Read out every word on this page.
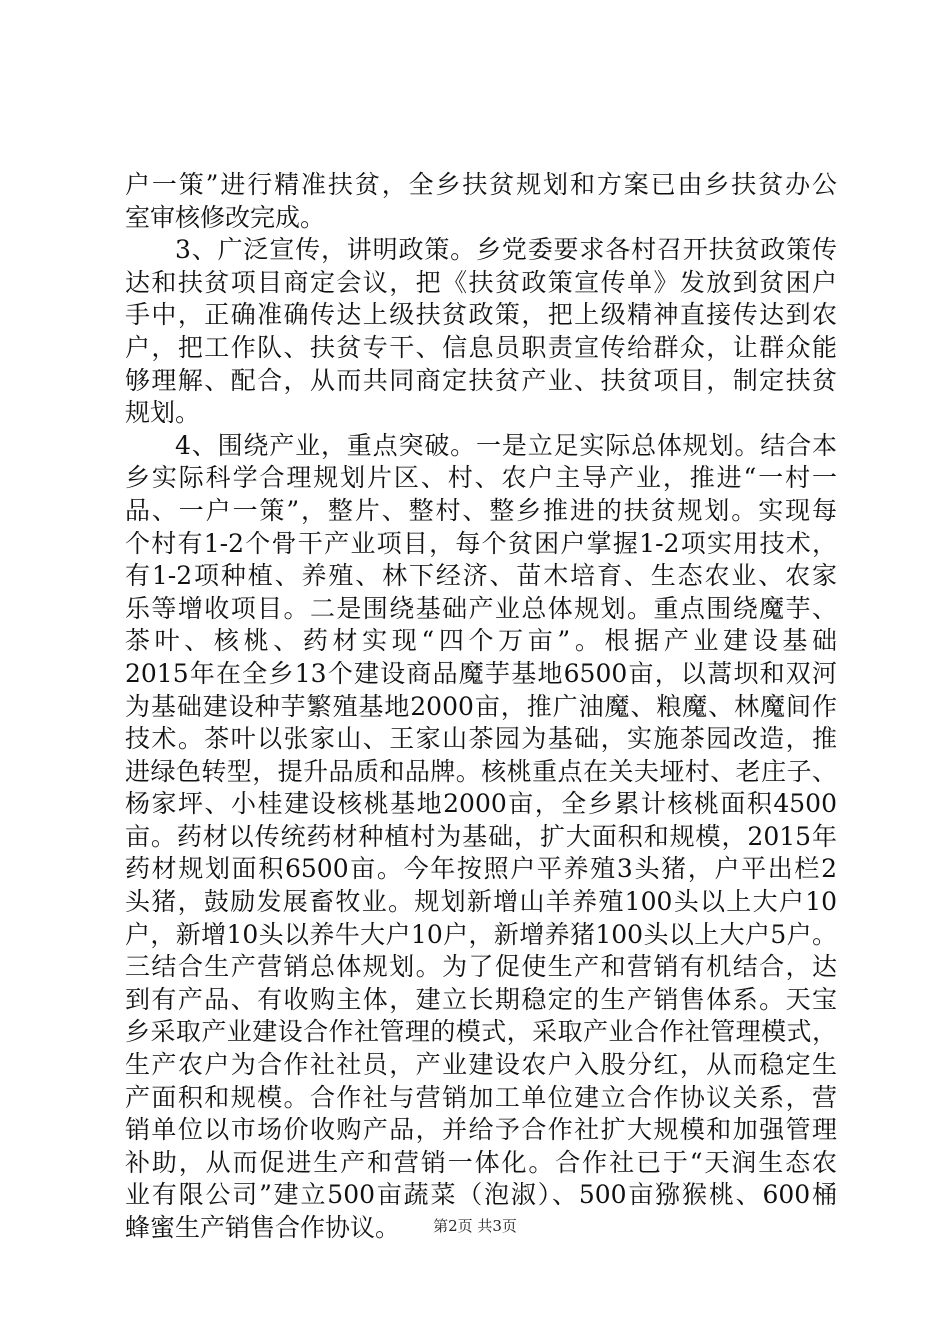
户一策”进行精准扶贫，全乡扶贫规划和方案已由乡扶贫办公
室审核修改完成。
3、广泛宣传，讲明政策。乡党委要求各村召开扶贫政策传
达和扶贫项目商定会议，把《扶贫政策宣传单》发放到贫困户
手中，正确准确传达上级扶贫政策，把上级精神直接传达到农
户，把工作队、扶贫专干、信息员职责宣传给群众，让群众能
够理解、配合，从而共同商定扶贫产业、扶贫项目，制定扶贫
规划。
4、围绕产业，重点突破。一是立足实际总体规划。结合本
乡实际科学合理规划片区、村、农户主导产业，推进“一村一
品、一户一策”，整片、整村、整乡推进的扶贫规划。实现每
个村有1-2个骨干产业项目，每个贫困户掌握1-2项实用技术，
有1-2项种植、养殖、林下经济、苗木培育、生态农业、农家
乐等增收项目。二是围绕基础产业总体规划。重点围绕魔芋、
茶叶、核桃、药材实现“四个万亩”。根据产业建设基础
2015年在全乡13个建设商品魔芋基地6500亩，以蒿坝和双河
为基础建设种芋繁殖基地2000亩，推广油魔、粮魔、林魔间作
技术。茶叶以张家山、王家山茶园为基础，实施茶园改造，推
进绿色转型，提升品质和品牌。核桃重点在关夫垭村、老庄子、
杨家坪、小桂建设核桃基地2000亩，全乡累计核桃面积4500
亩。药材以传统药材种植村为基础，扩大面积和规模，2015年
药材规划面积6500亩。今年按照户平养殖3头猪，户平出栏2
头猪，鼓励发展畜牧业。规划新增山羊养殖100头以上大户10
户，新增10头以养牛大户10户，新增养猪100头以上大户5户。
三结合生产营销总体规划。为了促使生产和营销有机结合，达
到有产品、有收购主体，建立长期稳定的生产销售体系。天宝
乡采取产业建设合作社管理的模式，采取产业合作社管理模式，
生产农户为合作社社员，产业建设农户入股分红，从而稳定生
产面积和规模。合作社与营销加工单位建立合作协议关系，营
销单位以市场价收购产品，并给予合作社扩大规模和加强管理
补助，从而促进生产和营销一体化。合作社已于“天润生态农
业有限公司”建立500亩蔬菜（泡淑）、500亩猕猴桃、600桶
蜂蜜生产销售合作协议。	第2页 共3页
